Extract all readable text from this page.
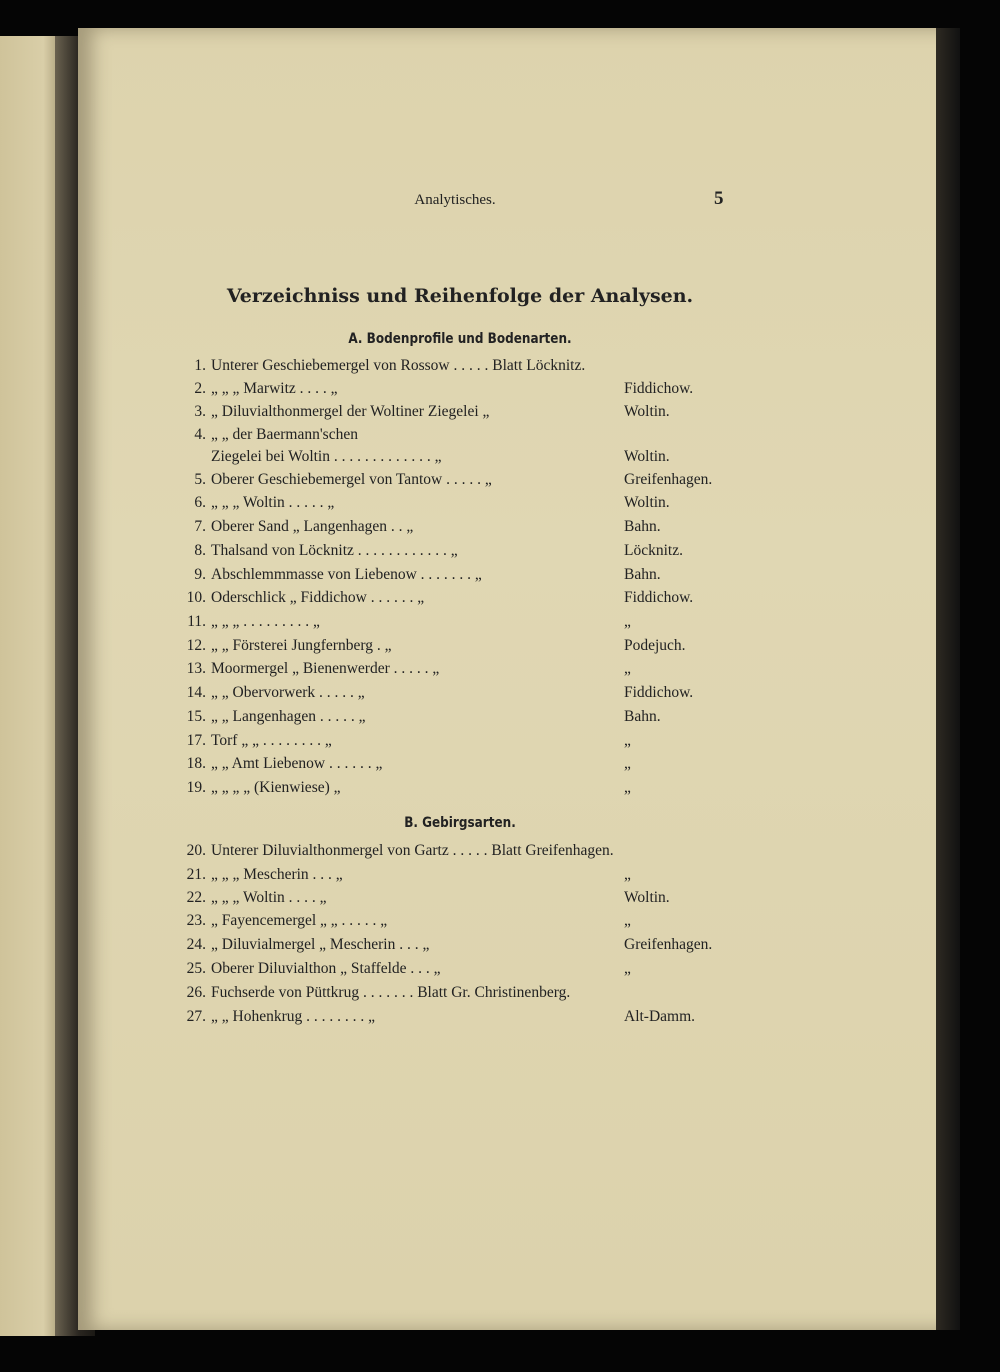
Analytisches.	5
Verzeichniss und Reihenfolge der Analysen.
A. Bodenprofile und Bodenarten.
1. Unterer Geschiebemergel von Rossow . . . . . Blatt Löcknitz.
2. „ „ „ Marwitz . . . . „	Fiddichow.
3. „ Diluvialthonmergel der Woltiner Ziegelei „	Woltin.
4. „ „ der Baermann'schen
Ziegelei bei Woltin . . . . . . . . . . . . . „	Woltin.
5. Oberer Geschiebemergel von Tantow . . . . . „	Greifenhagen.
6. „ „ „ Woltin . . . . . „	Woltin.
7. Oberer Sand „ Langenhagen . . „	Bahn.
8. Thalsand von Löcknitz . . . . . . . . . . . . „	Löcknitz.
9. Abschlemmmasse von Liebenow . . . . . . . „	Bahn.
10. Oderschlick „ Fiddichow . . . . . . „	Fiddichow.
11. „ „ „ . . . . . . . . . „	„
12. „ „ Försterei Jungfernberg . „	Podejuch.
13. Moormergel „ Bienenwerder . . . . . „	„
14. „ „ Obervorwerk . . . . . „	Fiddichow.
15. „ „ Langenhagen . . . . . „	Bahn.
17. Torf „ „ . . . . . . . . „	„
18. „ „ Amt Liebenow . . . . . . „	„
19. „ „ „ „ (Kienwiese) „	„
B. Gebirgsarten.
20. Unterer Diluvialthonmergel von Gartz . . . . . Blatt Greifenhagen.
21. „ „ „ Mescherin . . . „	„
22. „ „ „ Woltin . . . . „	Woltin.
23. „ Fayencemergel „ „ . . . . . „	„
24. „ Diluvialmergel „ Mescherin . . . „	Greifenhagen.
25. Oberer Diluvialthon „ Staffelde . . . „	„
26. Fuchserde von Püttkrug . . . . . . . Blatt Gr. Christinenberg.
27. „ „ Hohenkrug . . . . . . . . „	Alt-Damm.
